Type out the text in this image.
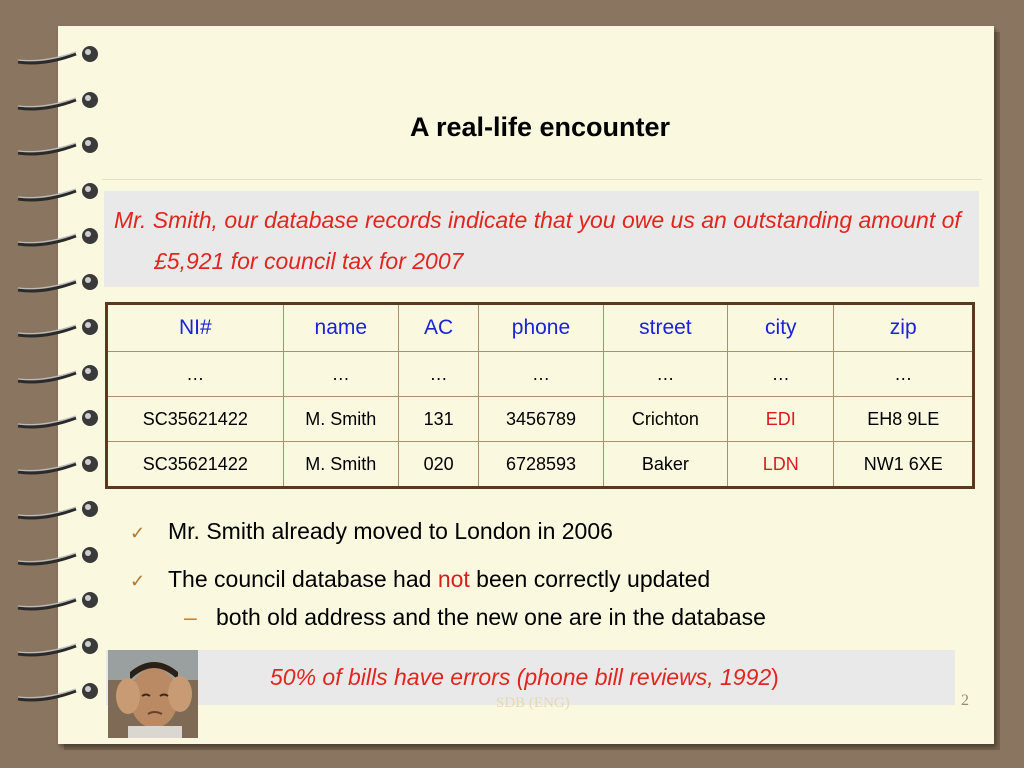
A real-life encounter
Mr. Smith, our database records indicate that you owe us an outstanding amount of £5,921 for council tax for 2007
NI#	name	AC	phone	street	city	zip
…	…	…	…	…	…	…
SC35621422	M. Smith	131	3456789	Crichton	EDI	EH8 9LE
SC35621422	M. Smith	020	6728593	Baker	LDN	NW1 6XE
✓ Mr. Smith already moved to London in 2006
✓ The council database had not been correctly updated
– both old address and the new one are in the database
SDB (ENG)
50% of bills have errors (phone bill reviews, 1992)
2
